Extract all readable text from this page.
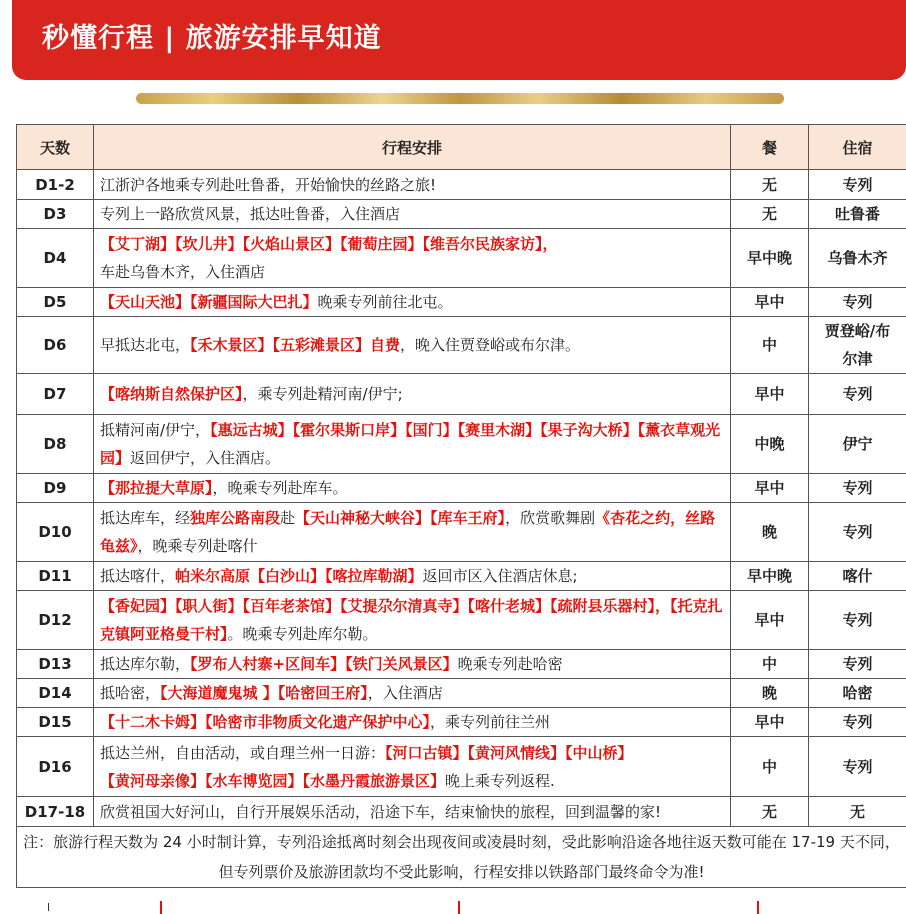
秒懂行程 | 旅游安排早知道
天数	行程安排	餐	住宿
D1-2	江浙沪各地乘专列赴吐鲁番，开始愉快的丝路之旅!	无	专列
D3	专列上一路欣赏风景，抵达吐鲁番，入住酒店	无	吐鲁番
D4	【艾丁湖】【坎儿井】【火焰山景区】【葡萄庄园】【维吾尔民族家访】，
车赴乌鲁木齐，入住酒店	早中晚	乌鲁木齐
D5	【天山天池】【新疆国际大巴扎】晚乘专列前往北屯。	早中	专列
D6	早抵达北屯，【禾木景区】【五彩滩景区】自费，晚入住贾登峪或布尔津。	中	贾登峪/布尔津
D7	【喀纳斯自然保护区】，乘专列赴精河南/伊宁;	早中	专列
D8	抵精河南/伊宁，【惠远古城】【霍尔果斯口岸】【国门】【赛里木湖】【果子沟大桥】【薰衣草观光园】返回伊宁，入住酒店。	中晚	伊宁
D9	【那拉提大草原】，晚乘专列赴库车。	早中	专列
D10	抵达库车，经独库公路南段赴【天山神秘大峡谷】【库车王府】，欣赏歌舞剧《杏花之约，丝路龟兹》，晚乘专列赴喀什	晚	专列
D11	抵达喀什，帕米尔高原【白沙山】【喀拉库勒湖】返回市区入住酒店休息;	早中晚	喀什
D12	【香妃园】【职人街】【百年老茶馆】【艾提尕尔清真寺】【喀什老城】【疏附县乐器村】，【托克扎克镇阿亚格曼干村】。晚乘专列赴库尔勒。	早中	专列
D13	抵达库尔勒，【罗布人村寨+区间车】【铁门关风景区】晚乘专列赴哈密	中	专列
D14	抵哈密，【大海道魔鬼城 】【哈密回王府】，入住酒店	晚	哈密
D15	【十二木卡姆】【哈密市非物质文化遗产保护中心】，乘专列前往兰州	早中	专列
D16	抵达兰州，自由活动，或自理兰州一日游：【河口古镇】【黄河风情线】【中山桥】
【黄河母亲像】【水车博览园】【水墨丹霞旅游景区】晚上乘专列返程.	中	专列
D17-18	欣赏祖国大好河山，自行开展娱乐活动，沿途下车，结束愉快的旅程，回到温馨的家!	无	无
注：旅游行程天数为 24 小时制计算，专列沿途抵离时刻会出现夜间或凌晨时刻，受此影响沿途各地往返天数可能在 17-19 天不同，但专列票价及旅游团款均不受此影响，行程安排以铁路部门最终命令为准!			
